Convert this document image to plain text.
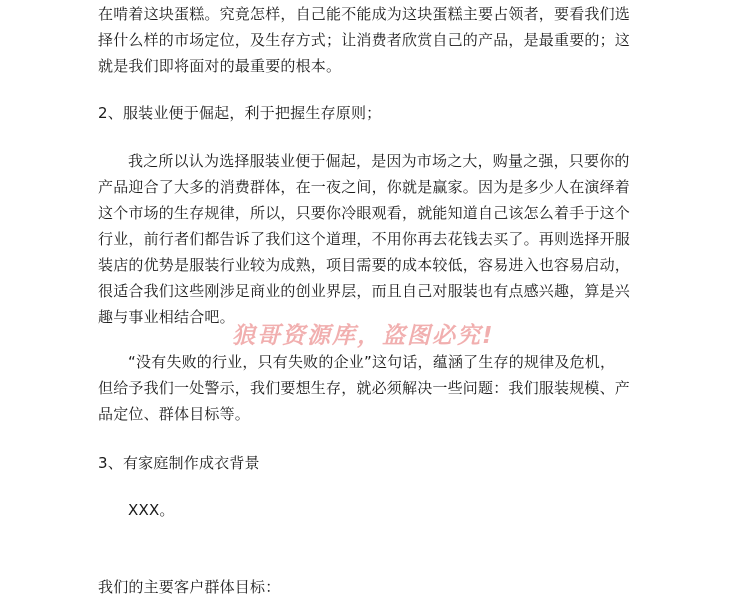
在啃着这块蛋糕。究竟怎样，自己能不能成为这块蛋糕主要占领者，要看我们选
择什么样的市场定位，及生存方式；让消费者欣赏自己的产品，是最重要的；这
就是我们即将面对的最重要的根本。
2、服装业便于倔起，利于把握生存原则；
我之所以认为选择服装业便于倔起，是因为市场之大，购量之强，只要你的
产品迎合了大多的消费群体，在一夜之间，你就是赢家。因为是多少人在演绎着
这个市场的生存规律，所以，只要你冷眼观看，就能知道自己该怎么着手于这个
行业，前行者们都告诉了我们这个道理，不用你再去花钱去买了。再则选择开服
装店的优势是服装行业较为成熟，项目需要的成本较低，容易进入也容易启动，
很适合我们这些刚涉足商业的创业界层，而且自己对服装也有点感兴趣，算是兴
趣与事业相结合吧。
“没有失败的行业，只有失败的企业”这句话，蕴涵了生存的规律及危机，
但给予我们一处警示，我们要想生存，就必须解决一些问题：我们服装规模、产
品定位、群体目标等。
3、有家庭制作成衣背景
XXX。
我们的主要客户群体目标：
狼哥资源库，盗图必究!
